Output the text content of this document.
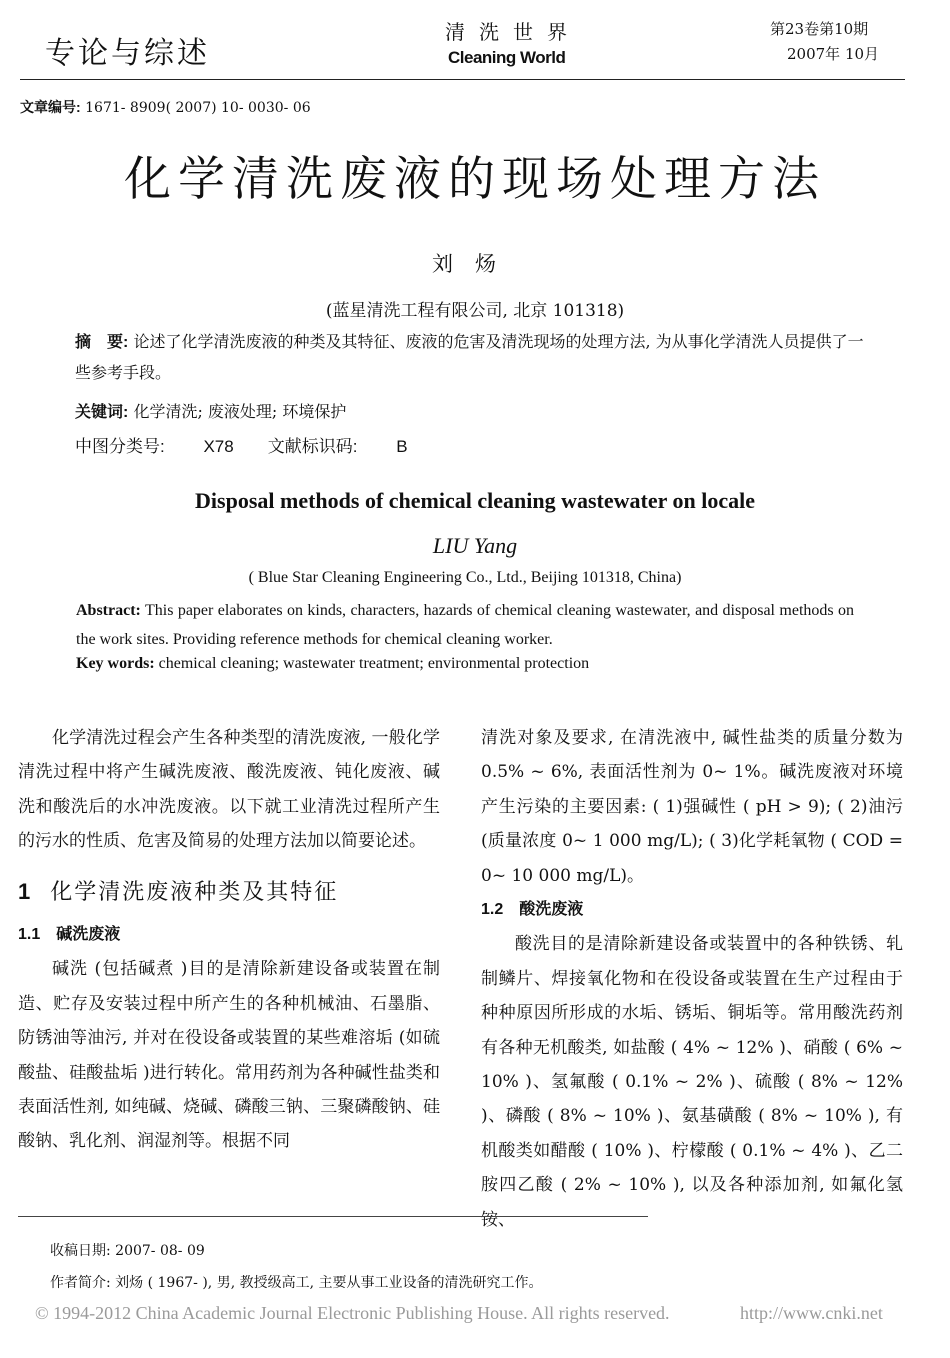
专论与综述
清洗世界
Cleaning World
第23卷第10期
2007年 10月
文章编号: 1671- 8909( 2007) 10- 0030- 06
化学清洗废液的现场处理方法
刘炀
(蓝星清洗工程有限公司, 北京 101318)
摘　要: 论述了化学清洗废液的种类及其特征、废液的危害及清洗现场的处理方法, 为从事化学清洗人员提供了一些参考手段。
关键词: 化学清洗; 废液处理; 环境保护
中图分类号: X78 文献标识码: B
Disposal methods of chemical cleaning wastewater on locale
LIU Yang
( Blue Star Cleaning Engineering Co., Ltd., Beijing 101318, China)
Abstract: This paper elaborates on kinds, characters, hazards of chemical cleaning wastewater, and disposal methods on the work sites. Providing reference methods for chemical cleaning worker.
Key words: chemical cleaning; wastewater treatment; environmental protection

化学清洗过程会产生各种类型的清洗废液, 一般化学清洗过程中将产生碱洗废液、酸洗废液、钝化废液、碱洗和酸洗后的水冲洗废液。以下就工业清洗过程所产生的污水的性质、危害及简易的处理方法加以简要论述。

1 化学清洗废液种类及其特征
1.1　碱洗废液

碱洗 (包括碱煮 )目的是清除新建设备或装置在制造、贮存及安装过程中所产生的各种机械油、石墨脂、防锈油等油污, 并对在役设备或装置的某些难溶垢 (如硫酸盐、硅酸盐垢 )进行转化。常用药剂为各种碱性盐类和表面活性剂, 如纯碱、烧碱、磷酸三钠、三聚磷酸钠、硅酸钠、乳化剂、润湿剂等。根据不同

清洗对象及要求, 在清洗液中, 碱性盐类的质量分数为 0.5% ~ 6%, 表面活性剂为 0~ 1%。碱洗废液对环境产生污染的主要因素: ( 1)强碱性 ( pH > 9); ( 2)油污 (质量浓度 0~ 1 000 mg/L); ( 3)化学耗氧物 ( COD = 0~ 10 000 mg/L)。

1.2　酸洗废液

酸洗目的是清除新建设备或装置中的各种铁锈、轧制鳞片、焊接氧化物和在役设备或装置在生产过程由于种种原因所形成的水垢、锈垢、铜垢等。常用酸洗药剂有各种无机酸类, 如盐酸 ( 4% ~ 12% )、硝酸 ( 6% ~ 10% )、氢氟酸 ( 0.1% ~ 2% )、硫酸 ( 8% ~ 12% )、磷酸 ( 8% ~ 10% )、氨基磺酸 ( 8% ~ 10% ), 有机酸类如醋酸 ( 10% )、柠檬酸 ( 0.1% ~ 4% )、乙二胺四乙酸 ( 2% ~ 10% ), 以及各种添加剂, 如氟化氢铵、

收稿日期: 2007- 08- 09
作者简介: 刘炀 ( 1967- ), 男, 教授级高工, 主要从事工业设备的清洗研究工作。
© 1994-2012 China Academic Journal Electronic Publishing House. All rights reserved.	http://www.cnki.net
